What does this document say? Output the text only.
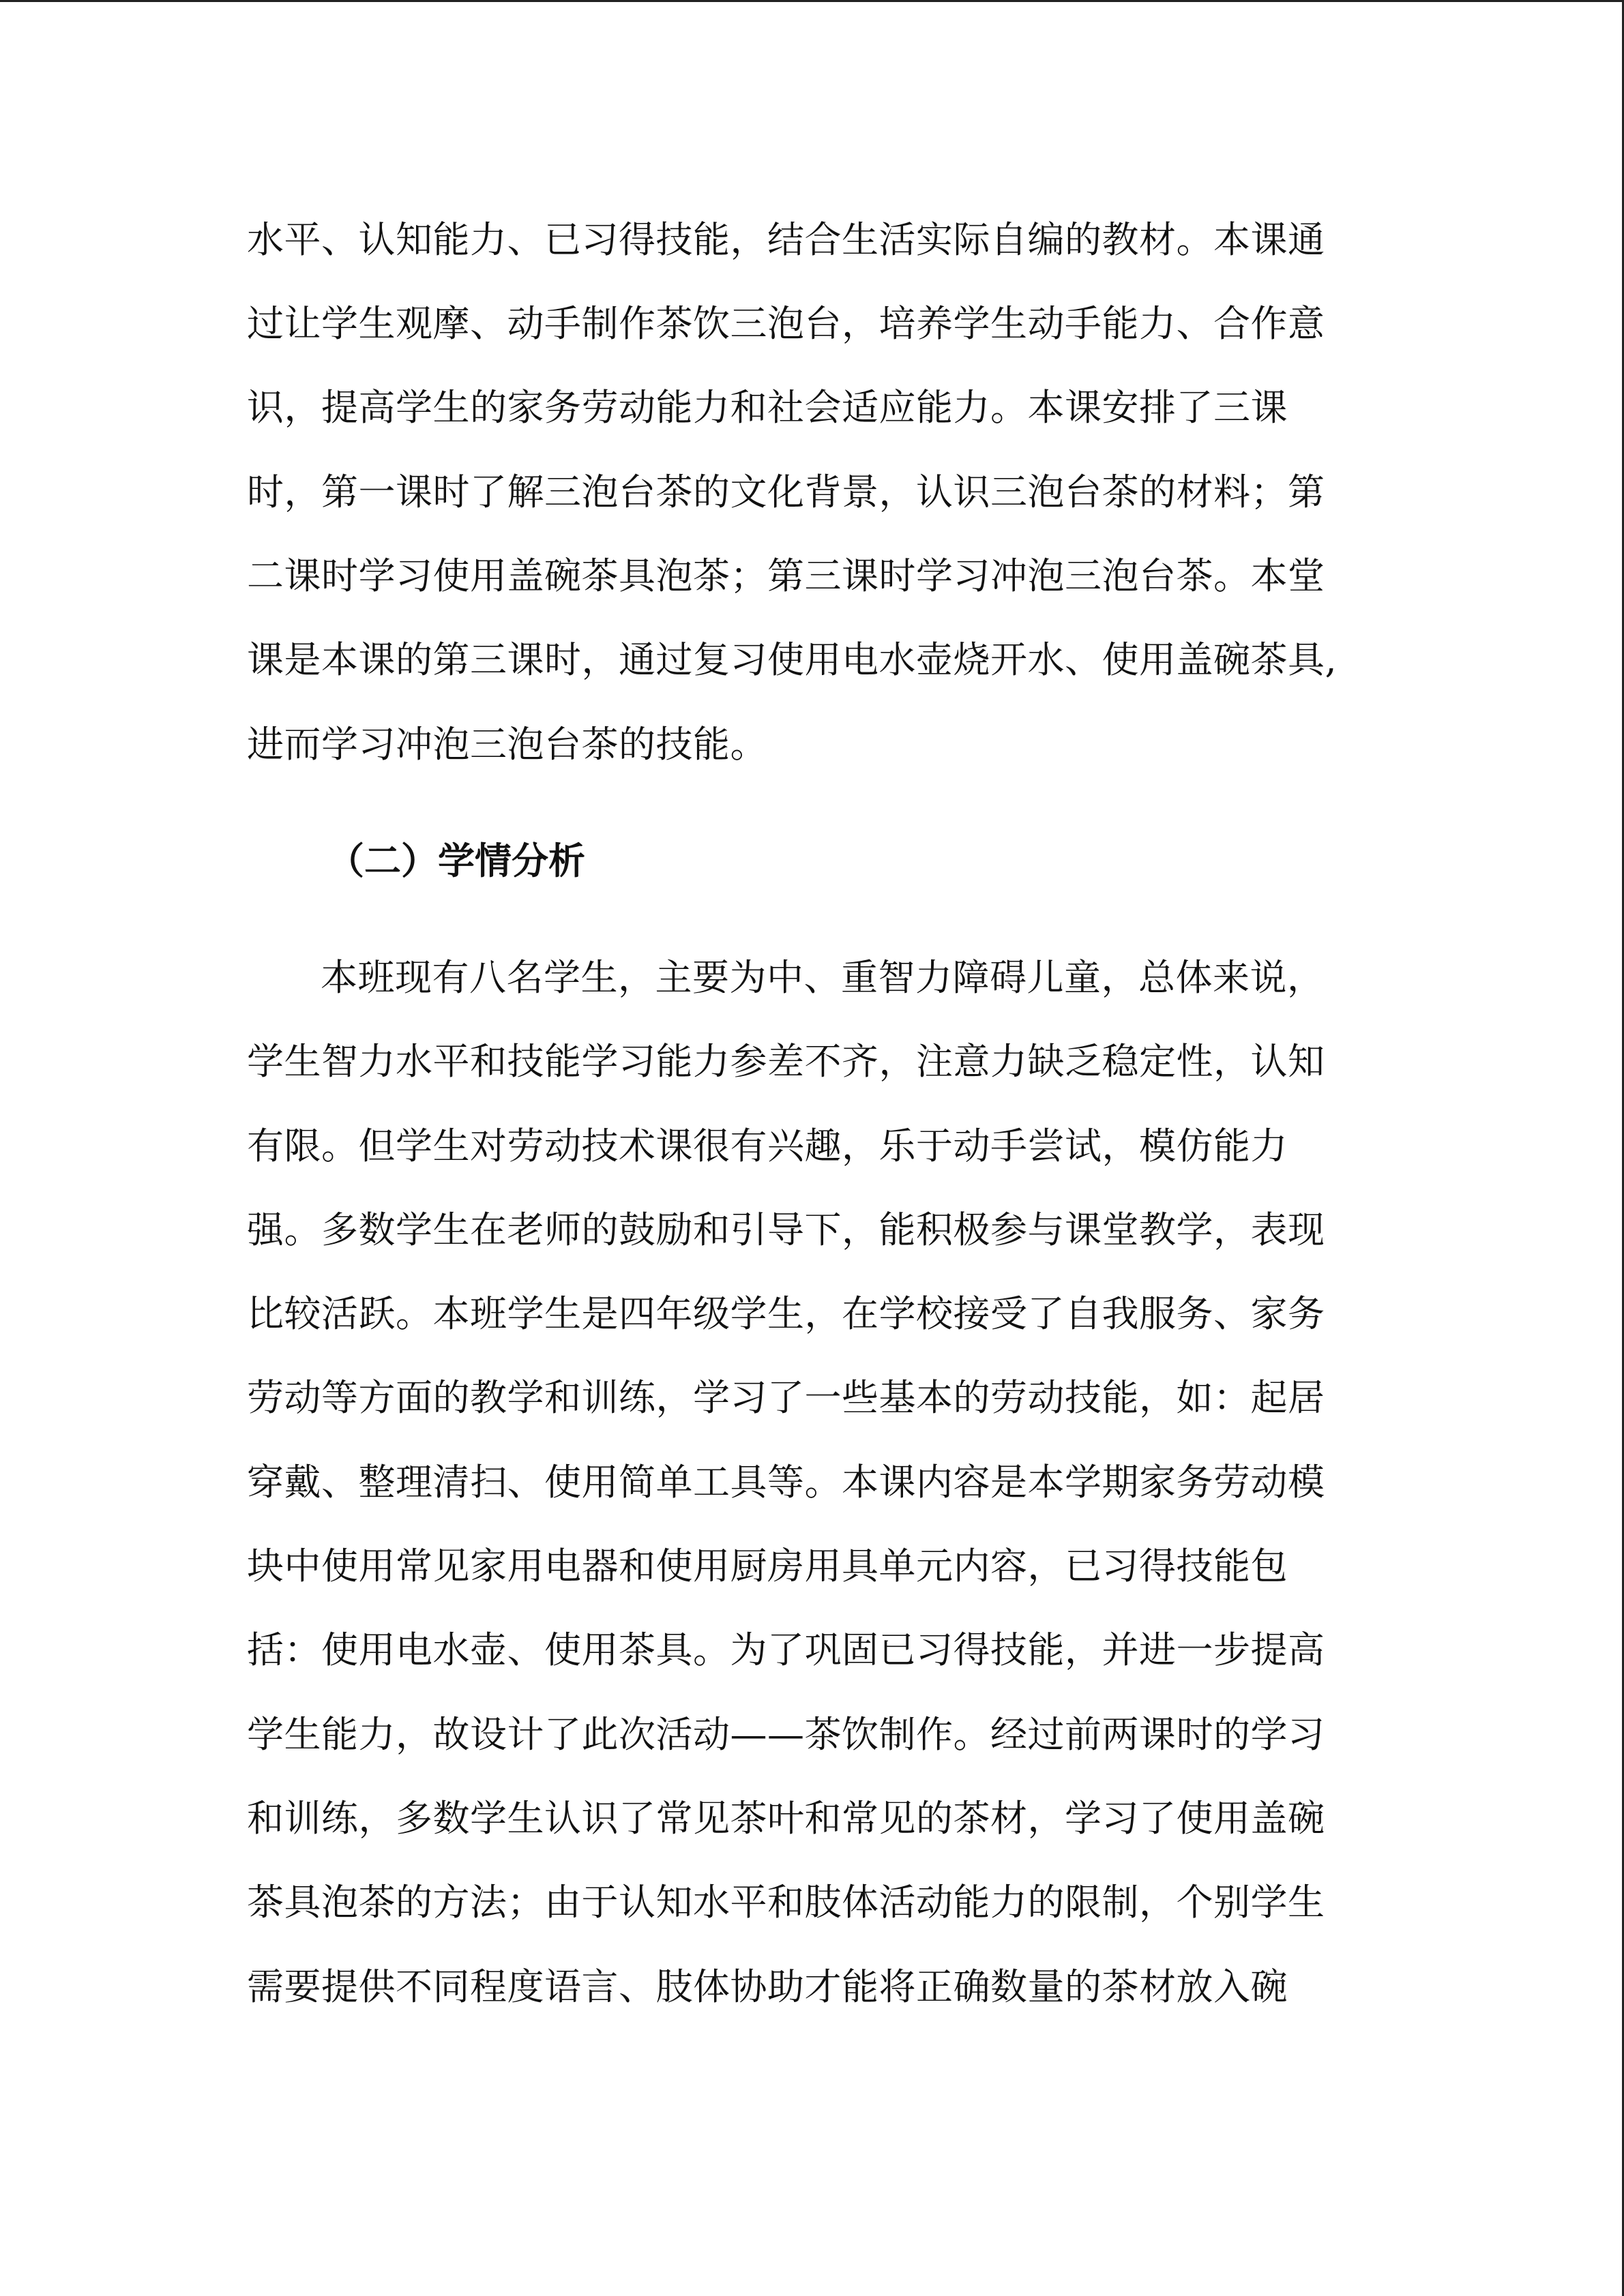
水平、认知能力、已习得技能，结合生活实际自编的教材。本课通
过让学生观摩、动手制作茶饮三泡台，培养学生动手能力、合作意
识，提高学生的家务劳动能力和社会适应能力。本课安排了三课
时，第一课时了解三泡台茶的文化背景，认识三泡台茶的材料；第
二课时学习使用盖碗茶具泡茶；第三课时学习冲泡三泡台茶。本堂
课是本课的第三课时，通过复习使用电水壶烧开水、使用盖碗茶具,
进而学习冲泡三泡台茶的技能。
（二）学情分析
本班现有八名学生，主要为中、重智力障碍儿童，总体来说，
学生智力水平和技能学习能力参差不齐，注意力缺乏稳定性，认知
有限。但学生对劳动技术课很有兴趣，乐于动手尝试，模仿能力
强。多数学生在老师的鼓励和引导下，能积极参与课堂教学，表现
比较活跃。本班学生是四年级学生，在学校接受了自我服务、家务
劳动等方面的教学和训练，学习了一些基本的劳动技能，如：起居
穿戴、整理清扫、使用简单工具等。本课内容是本学期家务劳动模
块中使用常见家用电器和使用厨房用具单元内容，已习得技能包
括：使用电水壶、使用茶具。为了巩固已习得技能，并进一步提高
学生能力，故设计了此次活动——茶饮制作。经过前两课时的学习
和训练，多数学生认识了常见茶叶和常见的茶材，学习了使用盖碗
茶具泡茶的方法；由于认知水平和肢体活动能力的限制，个别学生
需要提供不同程度语言、肢体协助才能将正确数量的茶材放入碗
